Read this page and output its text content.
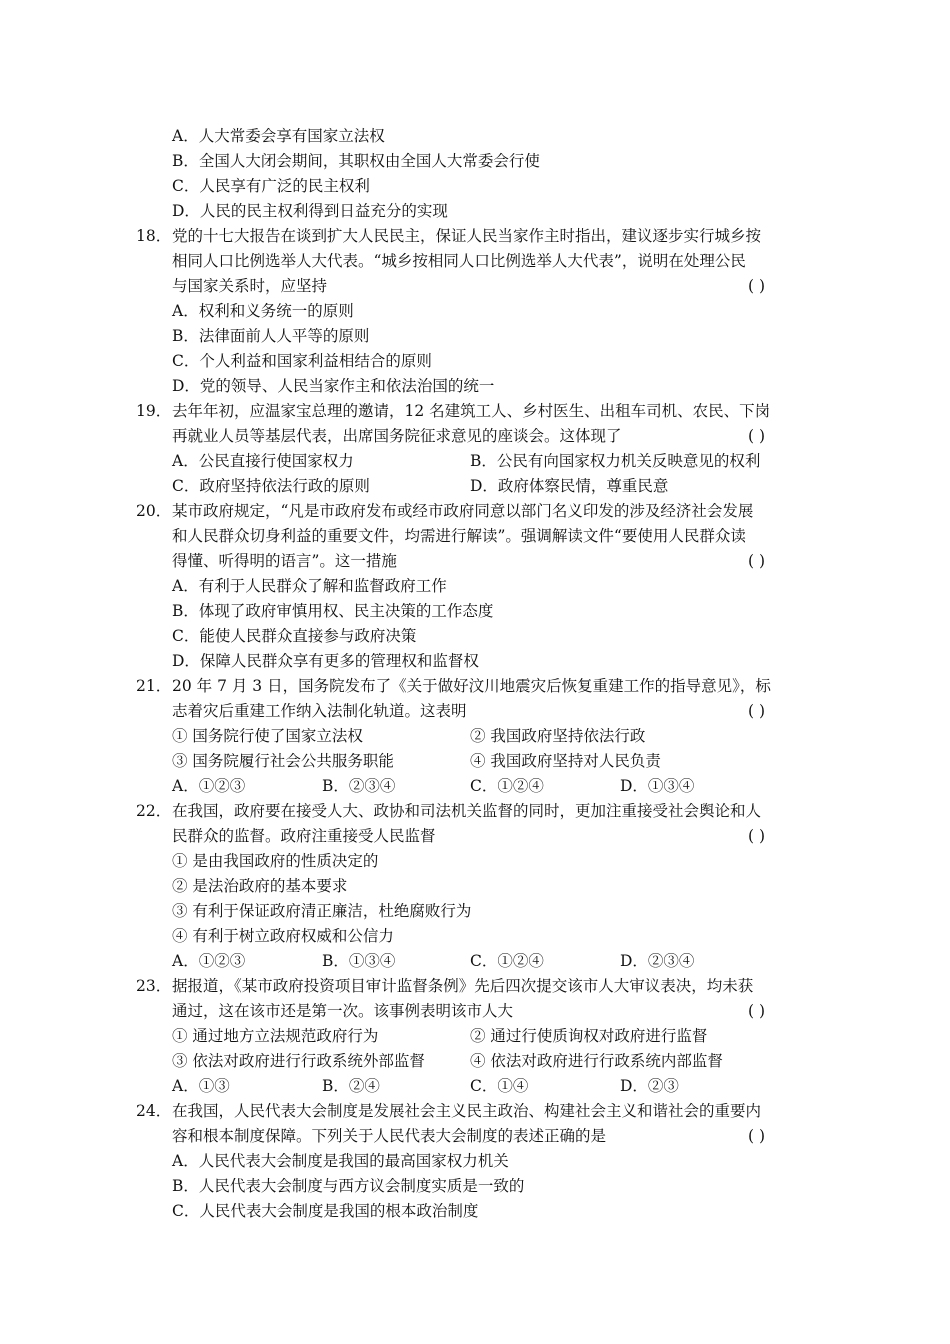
A．人大常委会享有国家立法权
B．全国人大闭会期间，其职权由全国人大常委会行使
C．人民享有广泛的民主权利
D．人民的民主权利得到日益充分的实现
18． 党的十七大报告在谈到扩大人民民主，保证人民当家作主时指出，建议逐步实行城乡按
相同人口比例选举人大代表。“城乡按相同人口比例选举人大代表”，说明在处理公民
与国家关系时，应坚持	( )
A．权利和义务统一的原则
B．法律面前人人平等的原则
C．个人利益和国家利益相结合的原则
D．党的领导、人民当家作主和依法治国的统一
19． 去年年初，应温家宝总理的邀请，12 名建筑工人、乡村医生、出租车司机、农民、下岗
再就业人员等基层代表，出席国务院征求意见的座谈会。这体现了	( )
A．公民直接行使国家权力	B．公民有向国家权力机关反映意见的权利
C．政府坚持依法行政的原则	D．政府体察民情，尊重民意
20． 某市政府规定，“凡是市政府发布或经市政府同意以部门名义印发的涉及经济社会发展
和人民群众切身利益的重要文件，均需进行解读”。强调解读文件“要使用人民群众读
得懂、听得明的语言”。这一措施	( )
A．有利于人民群众了解和监督政府工作
B．体现了政府审慎用权、民主决策的工作态度
C．能使人民群众直接参与政府决策
D．保障人民群众享有更多的管理权和监督权
21． 20 年 7 月 3 日，国务院发布了《关于做好汶川地震灾后恢复重建工作的指导意见》，标
志着灾后重建工作纳入法制化轨道。这表明	( )
① 国务院行使了国家立法权	② 我国政府坚持依法行政
③ 国务院履行社会公共服务职能	④ 我国政府坚持对人民负责
A．①②③	B．②③④	C．①②④	D．①③④
22． 在我国，政府要在接受人大、政协和司法机关监督的同时，更加注重接受社会舆论和人
民群众的监督。政府注重接受人民监督	( )
① 是由我国政府的性质决定的
② 是法治政府的基本要求
③ 有利于保证政府清正廉洁，杜绝腐败行为
④ 有利于树立政府权威和公信力
A．①②③	B．①③④	C．①②④	D．②③④
23． 据报道，《某市政府投资项目审计监督条例》先后四次提交该市人大审议表决，均未获
通过，这在该市还是第一次。该事例表明该市人大	( )
① 通过地方立法规范政府行为	② 通过行使质询权对政府进行监督
③ 依法对政府进行行政系统外部监督	④ 依法对政府进行行政系统内部监督
A．①③	B．②④	C．①④	D．②③
24． 在我国，人民代表大会制度是发展社会主义民主政治、构建社会主义和谐社会的重要内
容和根本制度保障。下列关于人民代表大会制度的表述正确的是	( )
A．人民代表大会制度是我国的最高国家权力机关
B．人民代表大会制度与西方议会制度实质是一致的
C．人民代表大会制度是我国的根本政治制度
